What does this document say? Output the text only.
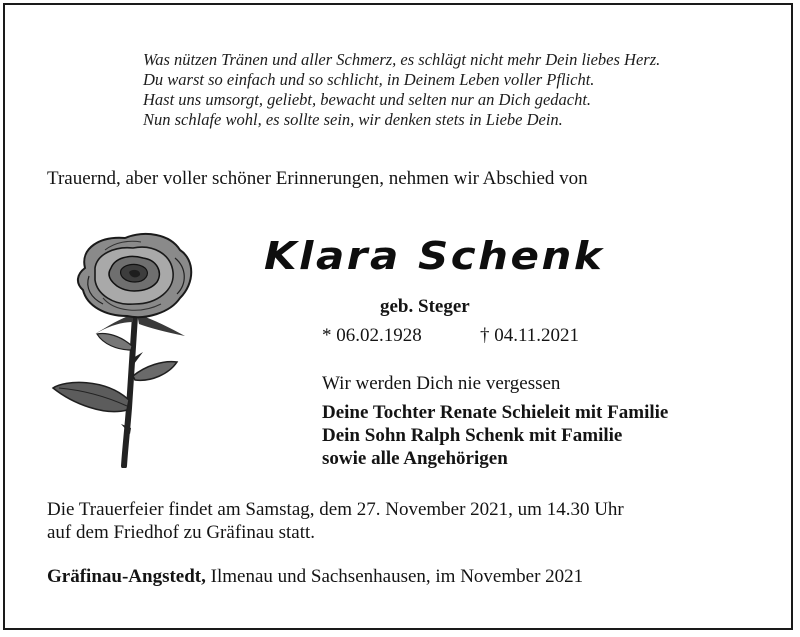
Was nützen Tränen und aller Schmerz, es schlägt nicht mehr Dein liebes Herz.
Du warst so einfach und so schlicht, in Deinem Leben voller Pflicht.
Hast uns umsorgt, geliebt, bewacht und selten nur an Dich gedacht.
Nun schlafe wohl, es sollte sein, wir denken stets in Liebe Dein.
Trauernd, aber voller schöner Erinnerungen, nehmen wir Abschied von
Klara Schenk
geb. Steger
* 06.02.1928	† 04.11.2021
Wir werden Dich nie vergessen
Deine Tochter Renate Schieleit mit Familie
Dein Sohn Ralph Schenk mit Familie
sowie alle Angehörigen
Die Trauerfeier findet am Samstag, dem 27. November 2021, um 14.30 Uhr
auf dem Friedhof zu Gräfinau statt.
Gräfinau-Angstedt, Ilmenau und Sachsenhausen, im November 2021
